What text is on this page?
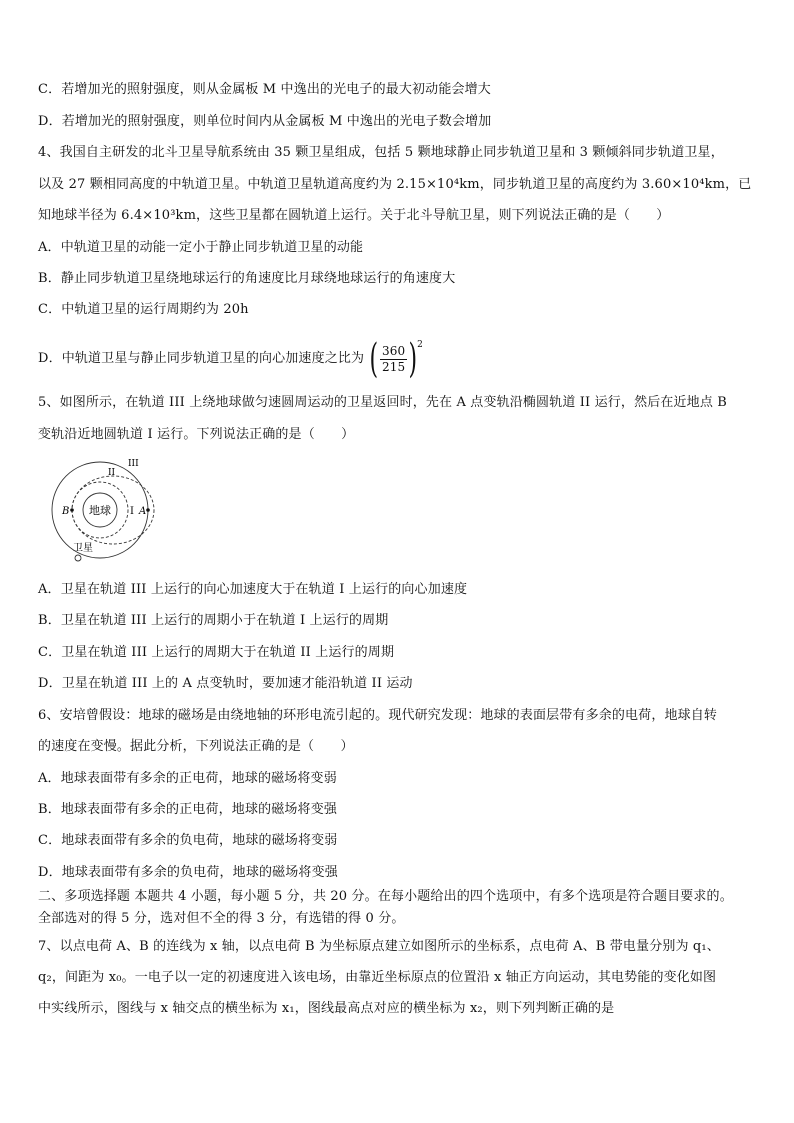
C．若增加光的照射强度，则从金属板 M 中逸出的光电子的最大初动能会增大
D．若增加光的照射强度，则单位时间内从金属板 M 中逸出的光电子数会增加
4、我国自主研发的北斗卫星导航系统由 35 颗卫星组成，包括 5 颗地球静止同步轨道卫星和 3 颗倾斜同步轨道卫星，
以及 27 颗相同高度的中轨道卫星。中轨道卫星轨道高度约为 2.15×10⁴km，同步轨道卫星的高度约为 3.60×10⁴km，已
知地球半径为 6.4×10³km，这些卫星都在圆轨道上运行。关于北斗导航卫星，则下列说法正确的是（　　）
A．中轨道卫星的动能一定小于静止同步轨道卫星的动能
B．静止同步轨道卫星绕地球运行的角速度比月球绕地球运行的角速度大
C．中轨道卫星的运行周期约为 20h
D．中轨道卫星与静止同步轨道卫星的向心加速度之比为 ( $\frac{360}{215}$ ) 2
5、如图所示，在轨道 III 上绕地球做匀速圆周运动的卫星返回时，先在 A 点变轨沿椭圆轨道 II 运行，然后在近地点 B
变轨沿近地圆轨道 I 运行。下列说法正确的是（　　）
地球
B	A
I
II
III
卫星
A．卫星在轨道 III 上运行的向心加速度大于在轨道 I 上运行的向心加速度
B．卫星在轨道 III 上运行的周期小于在轨道 I 上运行的周期
C．卫星在轨道 III 上运行的周期大于在轨道 II 上运行的周期
D．卫星在轨道 III 上的 A 点变轨时，要加速才能沿轨道 II 运动
6、安培曾假设：地球的磁场是由绕地轴的环形电流引起的。现代研究发现：地球的表面层带有多余的电荷，地球自转
的速度在变慢。据此分析，下列说法正确的是（　　）
A．地球表面带有多余的正电荷，地球的磁场将变弱
B．地球表面带有多余的正电荷，地球的磁场将变强
C．地球表面带有多余的负电荷，地球的磁场将变弱
D．地球表面带有多余的负电荷，地球的磁场将变强
二、多项选择题 本题共 4 小题，每小题 5 分，共 20 分。在每小题给出的四个选项中，有多个选项是符合题目要求的。
全部选对的得 5 分，选对但不全的得 3 分，有选错的得 0 分。
7、以点电荷 A、B 的连线为 x 轴，以点电荷 B 为坐标原点建立如图所示的坐标系，点电荷 A、B 带电量分别为 q₁、
q₂，间距为 x₀。一电子以一定的初速度进入该电场，由靠近坐标原点的位置沿 x 轴正方向运动，其电势能的变化如图
中实线所示，图线与 x 轴交点的横坐标为 x₁，图线最高点对应的横坐标为 x₂，则下列判断正确的是
